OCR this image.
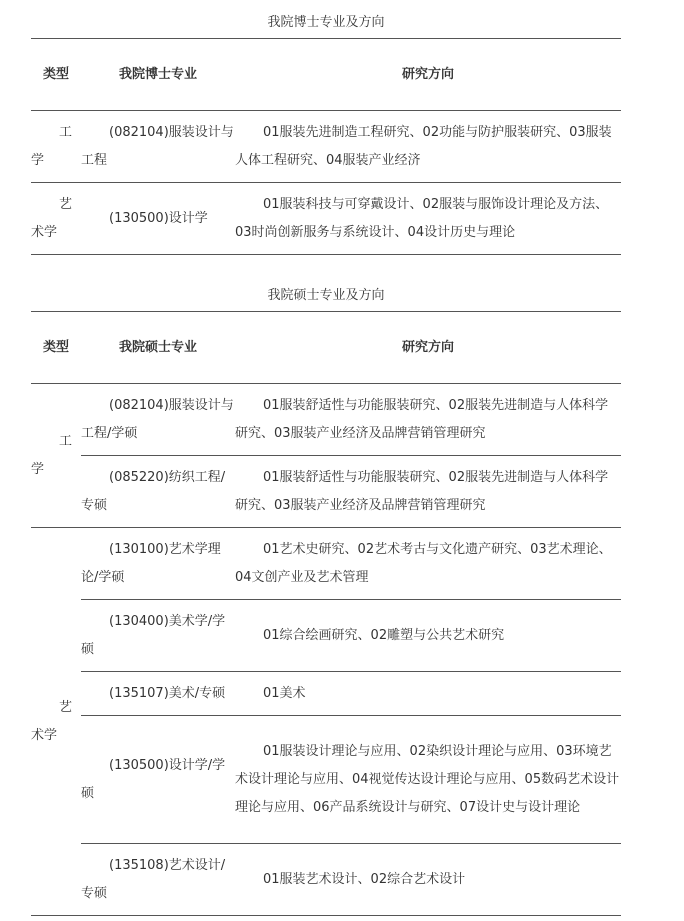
我院博士专业及方向
类型	我院博士专业	研究方向
工学	(082104)服装设计与工程	01服装先进制造工程研究、02功能与防护服装研究、03服装人体工程研究、04服装产业经济
艺术学	(130500)设计学	01服装科技与可穿戴设计、02服装与服饰设计理论及方法、03时尚创新服务与系统设计、04设计历史与理论
我院硕士专业及方向
类型	我院硕士专业	研究方向
工学	(082104)服装设计与工程/学硕	01服装舒适性与功能服装研究、02服装先进制造与人体科学研究、03服装产业经济及品牌营销管理研究
	(085220)纺织工程/专硕	01服装舒适性与功能服装研究、02服装先进制造与人体科学研究、03服装产业经济及品牌营销管理研究
艺术学	(130100)艺术学理论/学硕	01艺术史研究、02艺术考古与文化遗产研究、03艺术理论、04文创产业及艺术管理
	(130400)美术学/学硕	01综合绘画研究、02雕塑与公共艺术研究
	(135107)美术/专硕	01美术
	(130500)设计学/学硕	01服装设计理论与应用、02染织设计理论与应用、03环境艺术设计理论与应用、04视觉传达设计理论与应用、05数码艺术设计理论与应用、06产品系统设计与研究、07设计史与设计理论
	(135108)艺术设计/专硕	01服装艺术设计、02综合艺术设计
